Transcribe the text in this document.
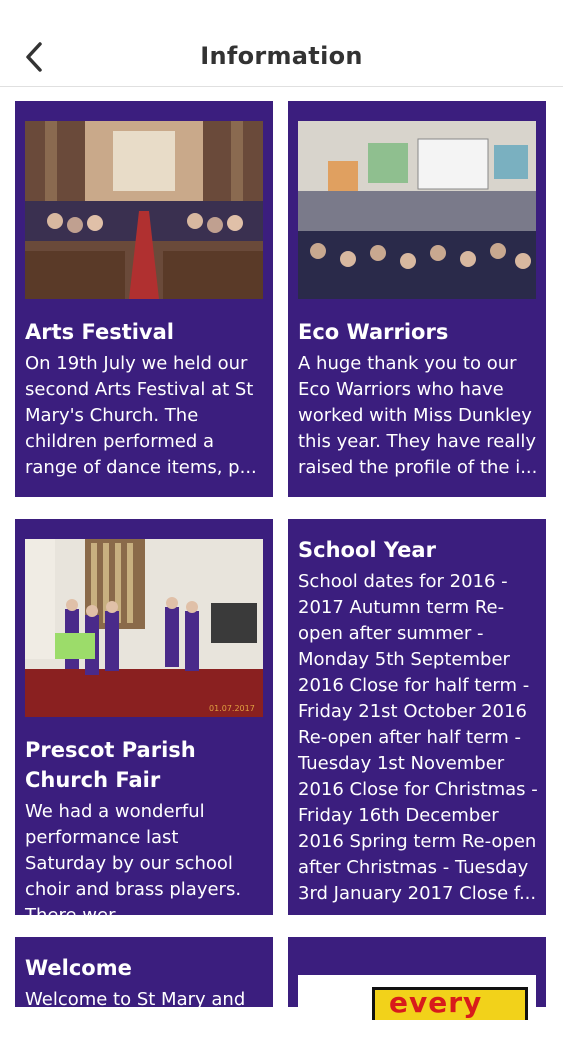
Information
Arts Festival
On 19th July we held our second Arts Festival at St Mary's Church. The children performed a range of dance items, p...
Eco Warriors
A huge thank you to our Eco Warriors who have worked with Miss Dunkley this year. They have really raised the profile of the i...
01.07.2017
Prescot Parish Church Fair
We had a wonderful performance last Saturday by our school choir and brass players. There wer...
School Year
School dates for 2016 - 2017 Autumn term Re-open after summer - Monday 5th September 2016 Close for half term - Friday 21st October 2016 Re-open after half term - Tuesday 1st November 2016 Close for Christmas - Friday 16th December 2016 Spring term Re-open after Christmas - Tuesday 3rd January 2017 Close f...
Welcome
Welcome to St Mary and St
every
